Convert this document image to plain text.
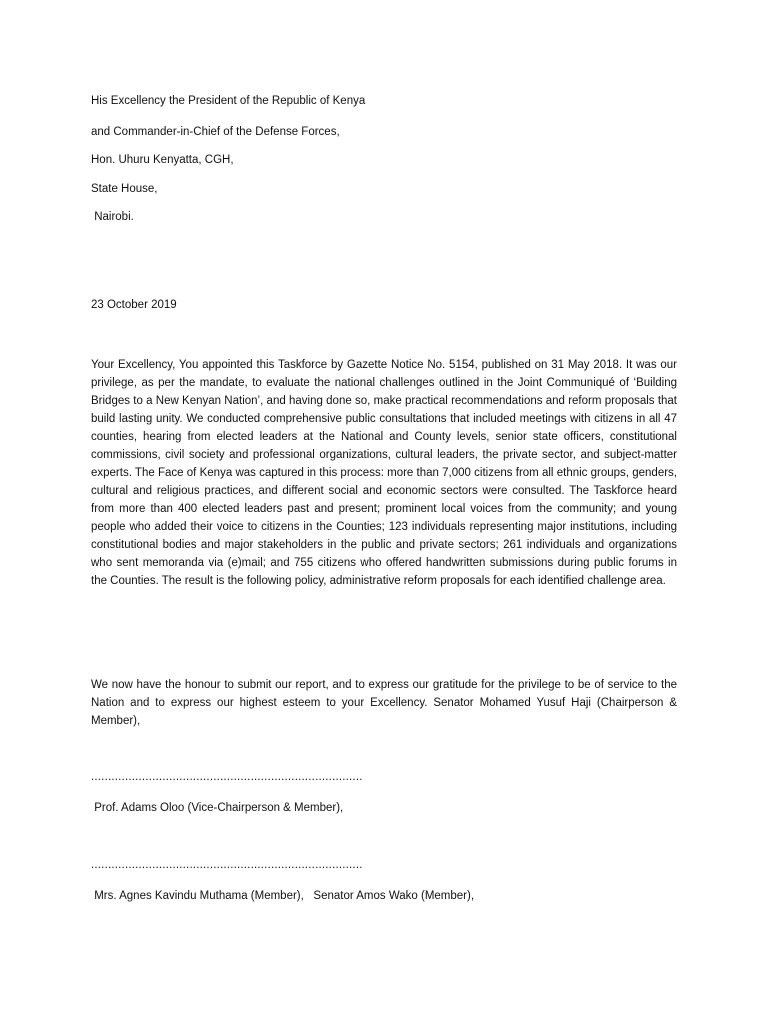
His Excellency the President of the Republic of Kenya
and Commander-in-Chief of the Defense Forces,
Hon. Uhuru Kenyatta, CGH,
State House,
Nairobi.
23 October 2019
Your Excellency, You appointed this Taskforce by Gazette Notice No. 5154, published on 31 May 2018. It was our privilege, as per the mandate, to evaluate the national challenges outlined in the Joint Communiqué of ‘Building Bridges to a New Kenyan Nation’, and having done so, make practical recommendations and reform proposals that build lasting unity. We conducted comprehensive public consultations that included meetings with citizens in all 47 counties, hearing from elected leaders at the National and County levels, senior state officers, constitutional commissions, civil society and professional organizations, cultural leaders, the private sector, and subject-matter experts. The Face of Kenya was captured in this process: more than 7,000 citizens from all ethnic groups, genders, cultural and religious practices, and different social and economic sectors were consulted. The Taskforce heard from more than 400 elected leaders past and present; prominent local voices from the community; and young people who added their voice to citizens in the Counties; 123 individuals representing major institutions, including constitutional bodies and major stakeholders in the public and private sectors; 261 individuals and organizations who sent memoranda via (e)mail; and 755 citizens who offered handwritten submissions during public forums in the Counties. The result is the following policy, administrative reform proposals for each identified challenge area.
We now have the honour to submit our report, and to express our gratitude for the privilege to be of service to the Nation and to express our highest esteem to your Excellency. Senator Mohamed Yusuf Haji (Chairperson & Member),
................................................................................
Prof. Adams Oloo (Vice-Chairperson & Member),
................................................................................
Mrs. Agnes Kavindu Muthama (Member),   Senator Amos Wako (Member),
